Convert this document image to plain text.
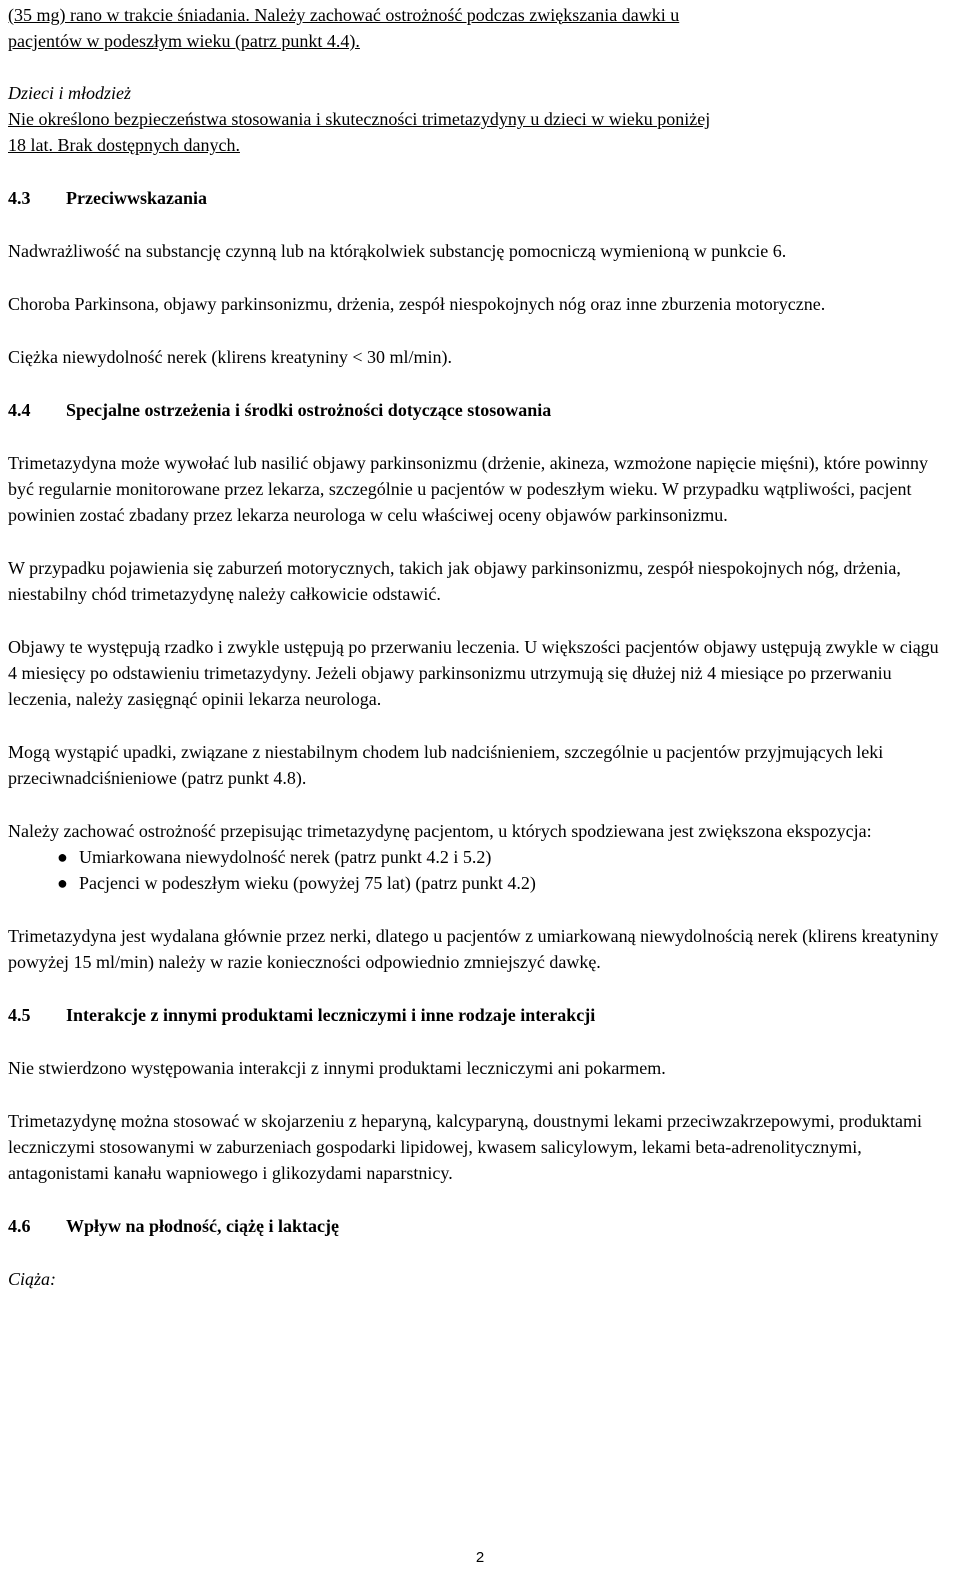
(35 mg) rano w trakcie śniadania. Należy zachować ostrożność podczas zwiększania dawki u

pacjentów w podeszłym wieku (patrz punkt 4.4).

Dzieci i młodzież

Nie określono bezpieczeństwa stosowania i skuteczności trimetazydyny u dzieci w wieku poniżej

18 lat. Brak dostępnych danych.

4.3 Przeciwwskazania

Nadwrażliwość na substancję czynną lub na którąkolwiek substancję pomocniczą wymienioną w punkcie 6.

Choroba Parkinsona, objawy parkinsonizmu, drżenia, zespół niespokojnych nóg oraz inne zburzenia motoryczne.

Ciężka niewydolność nerek (klirens kreatyniny ˂ 30 ml/min).

4.4 Specjalne ostrzeżenia i środki ostrożności dotyczące stosowania

Trimetazydyna może wywołać lub nasilić objawy parkinsonizmu (drżenie, akineza, wzmożone napięcie mięśni), które powinny być regularnie monitorowane przez lekarza, szczególnie u pacjentów w podeszłym wieku. W przypadku wątpliwości, pacjent powinien zostać zbadany przez lekarza neurologa w celu właściwej oceny objawów parkinsonizmu.

W przypadku pojawienia się zaburzeń motorycznych, takich jak objawy parkinsonizmu, zespół niespokojnych nóg, drżenia, niestabilny chód trimetazydynę należy całkowicie odstawić.

Objawy te występują rzadko i zwykle ustępują po przerwaniu leczenia. U większości pacjentów objawy ustępują zwykle w ciągu 4 miesięcy po odstawieniu trimetazydyny. Jeżeli objawy parkinsonizmu utrzymują się dłużej niż 4 miesiące po przerwaniu leczenia, należy zasięgnąć opinii lekarza neurologa.

Mogą wystąpić upadki, związane z niestabilnym chodem lub nadciśnieniem, szczególnie u pacjentów przyjmujących leki przeciwnadciśnieniowe (patrz punkt 4.8).

Należy zachować ostrożność przepisując trimetazydynę pacjentom, u których spodziewana jest zwiększona ekspozycja:

● Umiarkowana niewydolność nerek (patrz punkt 4.2 i 5.2)
● Pacjenci w podeszłym wieku (powyżej 75 lat) (patrz punkt 4.2)

Trimetazydyna jest wydalana głównie przez nerki, dlatego u pacjentów z umiarkowaną niewydolnością nerek (klirens kreatyniny powyżej 15 ml/min) należy w razie konieczności odpowiednio zmniejszyć dawkę.

4.5 Interakcje z innymi produktami leczniczymi i inne rodzaje interakcji

Nie stwierdzono występowania interakcji z innymi produktami leczniczymi ani pokarmem.

Trimetazydynę można stosować w skojarzeniu z heparyną, kalcyparyną, doustnymi lekami przeciwzakrzepowymi, produktami leczniczymi stosowanymi w zaburzeniach gospodarki lipidowej, kwasem salicylowym, lekami beta-adrenolitycznymi, antagonistami kanału wapniowego i glikozydami naparstnicy.

4.6 Wpływ na płodność, ciążę i laktację

Ciąża:

2
